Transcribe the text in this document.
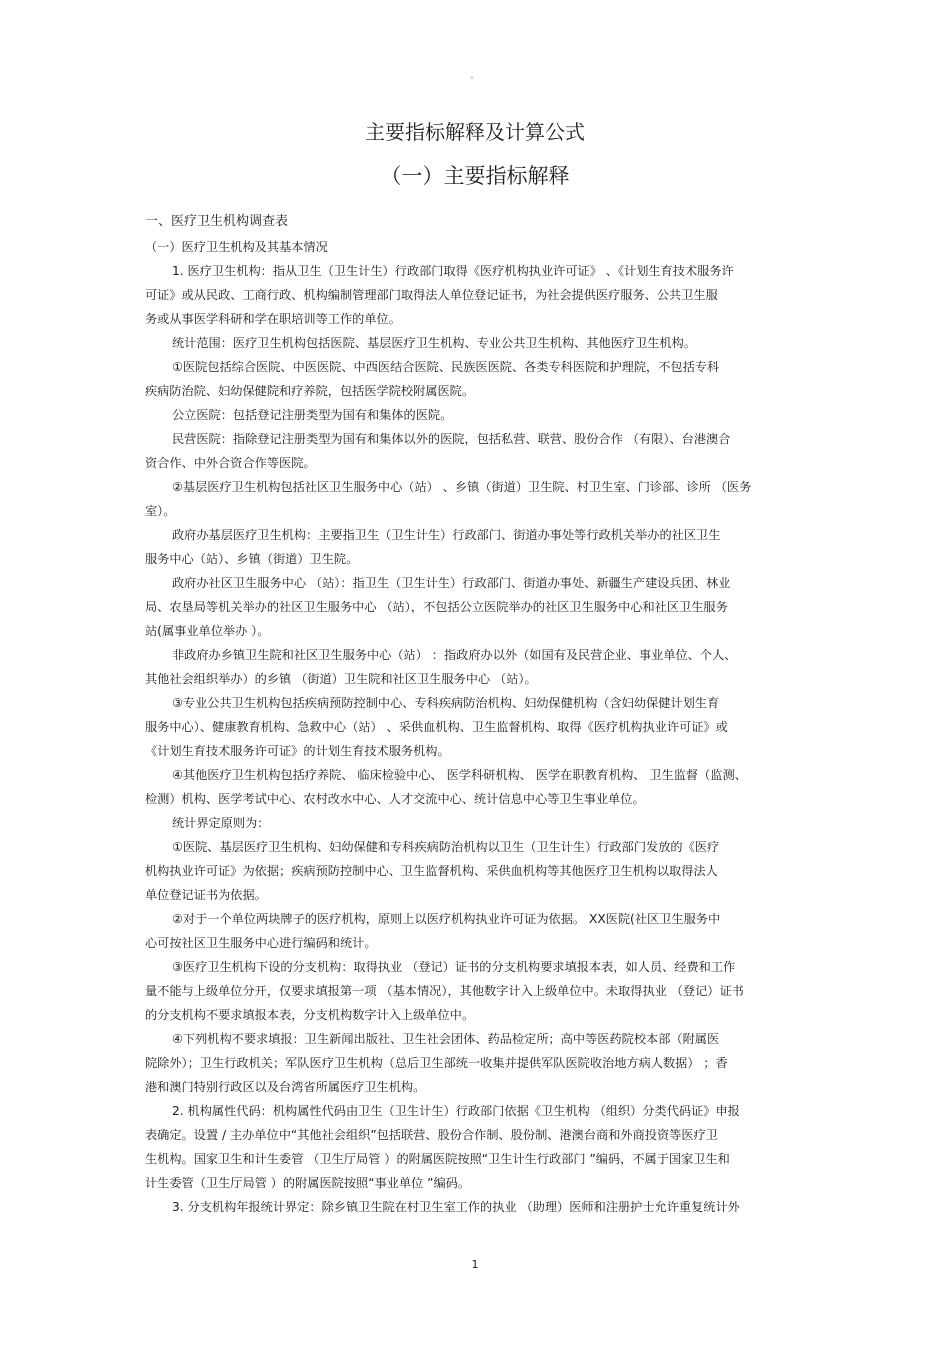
。
主要指标解释及计算公式
（一）主要指标解释
一、医疗卫生机构调查表
（一）医疗卫生机构及其基本情况
1. 医疗卫生机构：指从卫生（卫生计生）行政部门取得《医疗机构执业许可证》 、《计划生育技术服务许
可证》或从民政、工商行政、机构编制管理部门取得法人单位登记证书，为社会提供医疗服务、公共卫生服
务或从事医学科研和学在职培训等工作的单位。
统计范围：医疗卫生机构包括医院、基层医疗卫生机构、专业公共卫生机构、其他医疗卫生机构。
①医院包括综合医院、中医医院、中西医结合医院、民族医医院、各类专科医院和护理院，不包括专科
疾病防治院、妇幼保健院和疗养院，包括医学院校附属医院。
公立医院：包括登记注册类型为国有和集体的医院。
民营医院：指除登记注册类型为国有和集体以外的医院，包括私营、联营、股份合作 （有限）、台港澳合
资合作、中外合资合作等医院。
②基层医疗卫生机构包括社区卫生服务中心（站） 、乡镇（街道）卫生院、村卫生室、门诊部、诊所 （医务
室）。
政府办基层医疗卫生机构：主要指卫生（卫生计生）行政部门、街道办事处等行政机关举办的社区卫生
服务中心（站）、乡镇（街道）卫生院。
政府办社区卫生服务中心 （站）：指卫生（卫生计生）行政部门、街道办事处、新疆生产建设兵团、林业
局、农垦局等机关举办的社区卫生服务中心 （站），不包括公立医院举办的社区卫生服务中心和社区卫生服务
站(属事业单位举办 ）。
非政府办乡镇卫生院和社区卫生服务中心（站） ：指政府办以外（如国有及民营企业、事业单位、个人、
其他社会组织举办）的乡镇 （街道）卫生院和社区卫生服务中心 （站）。
③专业公共卫生机构包括疾病预防控制中心、专科疾病防治机构、妇幼保健机构（含妇幼保健计划生育
服务中心）、健康教育机构、急救中心（站） 、采供血机构、卫生监督机构、取得《医疗机构执业许可证》或
《计划生育技术服务许可证》的计划生育技术服务机构。
④其他医疗卫生机构包括疗养院、 临床检验中心、 医学科研机构、 医学在职教育机构、 卫生监督（监测、
检测）机构、医学考试中心、农村改水中心、人才交流中心、统计信息中心等卫生事业单位。
统计界定原则为：
①医院、基层医疗卫生机构、妇幼保健和专科疾病防治机构以卫生（卫生计生）行政部门发放的《医疗
机构执业许可证》为依据；疾病预防控制中心、卫生监督机构、采供血机构等其他医疗卫生机构以取得法人
单位登记证书为依据。
②对于一个单位两块牌子的医疗机构，原则上以医疗机构执业许可证为依据。 XX医院(社区卫生服务中
心可按社区卫生服务中心进行编码和统计。
③医疗卫生机构下设的分支机构：取得执业 （登记）证书的分支机构要求填报本表，如人员、经费和工作
量不能与上级单位分开，仅要求填报第一项 （基本情况），其他数字计入上级单位中。未取得执业 （登记）证书
的分支机构不要求填报本表，分支机构数字计入上级单位中。
④下列机构不要求填报：卫生新闻出版社、卫生社会团体、药品检定所；高中等医药院校本部（附属医
院除外）；卫生行政机关；军队医疗卫生机构（总后卫生部统一收集并提供军队医院收治地方病人数据） ；香
港和澳门特别行政区以及台湾省所属医疗卫生机构。
2. 机构属性代码：机构属性代码由卫生（卫生计生）行政部门依据《卫生机构 （组织）分类代码证》申报
表确定。设置 / 主办单位中“其他社会组织”包括联营、股份合作制、股份制、港澳台商和外商投资等医疗卫
生机构。国家卫生和计生委管 （卫生厅局管 ）的附属医院按照“卫生计生行政部门 ”编码，不属于国家卫生和
计生委管（卫生厅局管 ）的附属医院按照“事业单位 ”编码。
3. 分支机构年报统计界定：除乡镇卫生院在村卫生室工作的执业 （助理）医师和注册护士允许重复统计外
1
